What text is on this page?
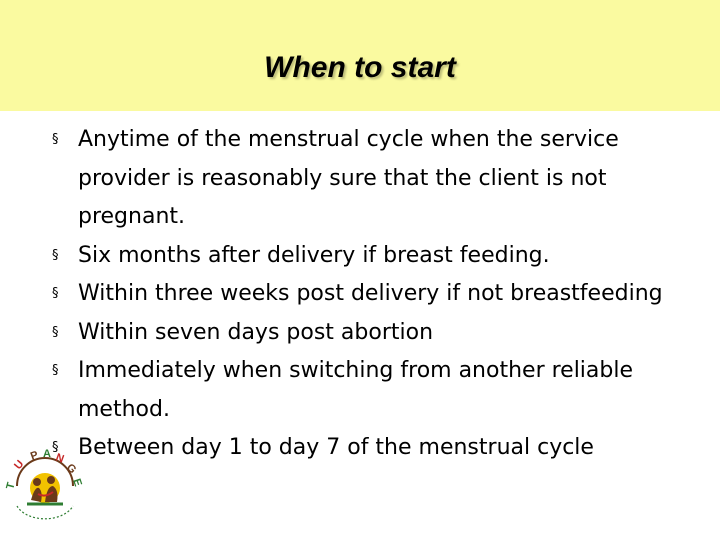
When to start
§ Anytime of the menstrual cycle when the service provider is reasonably sure that the client is not pregnant.
§ Six months after delivery if breast feeding.
§ Within three weeks post delivery if not breastfeeding
§ Within seven days post abortion
§ Immediately when switching from another reliable method.
§ Between day 1 to day 7 of the menstrual cycle
T
U
P A N
G
E
